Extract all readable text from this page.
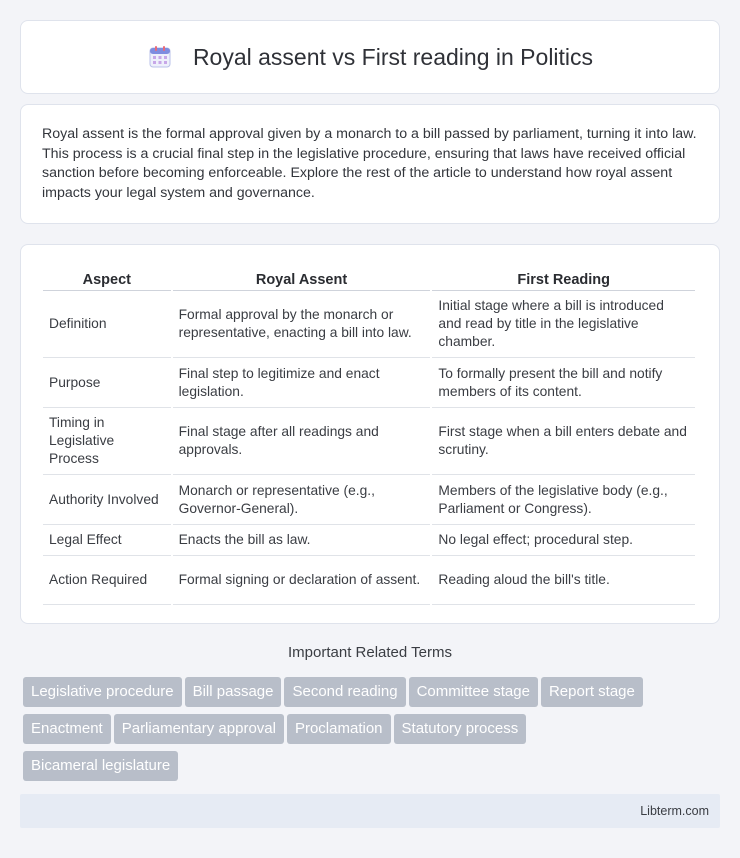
Royal assent vs First reading in Politics

Royal assent is the formal approval given by a monarch to a bill passed by parliament, turning it into law. This process is a crucial final step in the legislative procedure, ensuring that laws have received official sanction before becoming enforceable. Explore the rest of the article to understand how royal assent impacts your legal system and governance.

Aspect	Royal Assent	First Reading
Definition	Formal approval by the monarch or representative, enacting a bill into law.	Initial stage where a bill is introduced and read by title in the legislative chamber.
Purpose	Final step to legitimize and enact legislation.	To formally present the bill and notify members of its content.
Timing in Legislative Process	Final stage after all readings and approvals.	First stage when a bill enters debate and scrutiny.
Authority Involved	Monarch or representative (e.g., Governor-General).	Members of the legislative body (e.g., Parliament or Congress).
Legal Effect	Enacts the bill as law.	No legal effect; procedural step.
Action Required	Formal signing or declaration of assent.	Reading aloud the bill's title.
Important Related Terms
Legislative procedure Bill passage Second reading Committee stage Report stage
Enactment Parliamentary approval Proclamation Statutory process
Bicameral legislature
Libterm.com
